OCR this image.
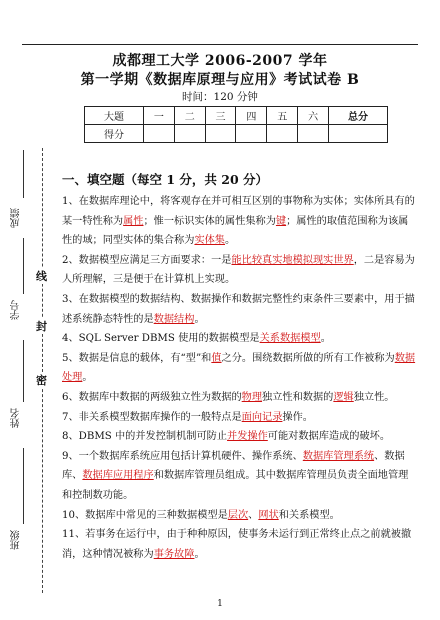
成都理工大学 2006-2007 学年
第一学期《数据库原理与应用》考试试卷 B
时间：120 分钟
大题	一	二	三	四	五	六	总分
得分							
成绩
学号
姓名
班级
线
封
密
一、填空题（每空 1 分，共 20 分）

1、在数据库理论中，将客观存在并可相互区别的事物称为实体；实体所具有的某一特性称为属性；惟一标识实体的属性集称为键；属性的取值范围称为该属性的域；同型实体的集合称为实体集。

2、数据模型应满足三方面要求：一是能比较真实地模拟现实世界，二是容易为人所理解，三是便于在计算机上实现。

3、在数据模型的数据结构、数据操作和数据完整性约束条件三要素中，用于描述系统静态特性的是数据结构。

4、SQL Server DBMS 使用的数据模型是关系数据模型。

5、数据是信息的载体，有“型”和值之分。围绕数据所做的所有工作被称为数据处理。

6、数据库中数据的两级独立性为数据的物理独立性和数据的逻辑独立性。

7、非关系模型数据库操作的一般特点是面向记录操作。

8、DBMS 中的并发控制机制可防止并发操作可能对数据库造成的破坏。

9、一个数据库系统应用包括计算机硬件、操作系统、数据库管理系统、数据库、数据库应用程序和数据库管理员组成。其中数据库管理员负责全面地管理和控制数功能。

10、数据库中常见的三种数据模型是层次、网状和关系模型。

11、若事务在运行中，由于种种原因，使事务未运行到正常终止点之前就被撤消，这种情况被称为事务故障。

1
